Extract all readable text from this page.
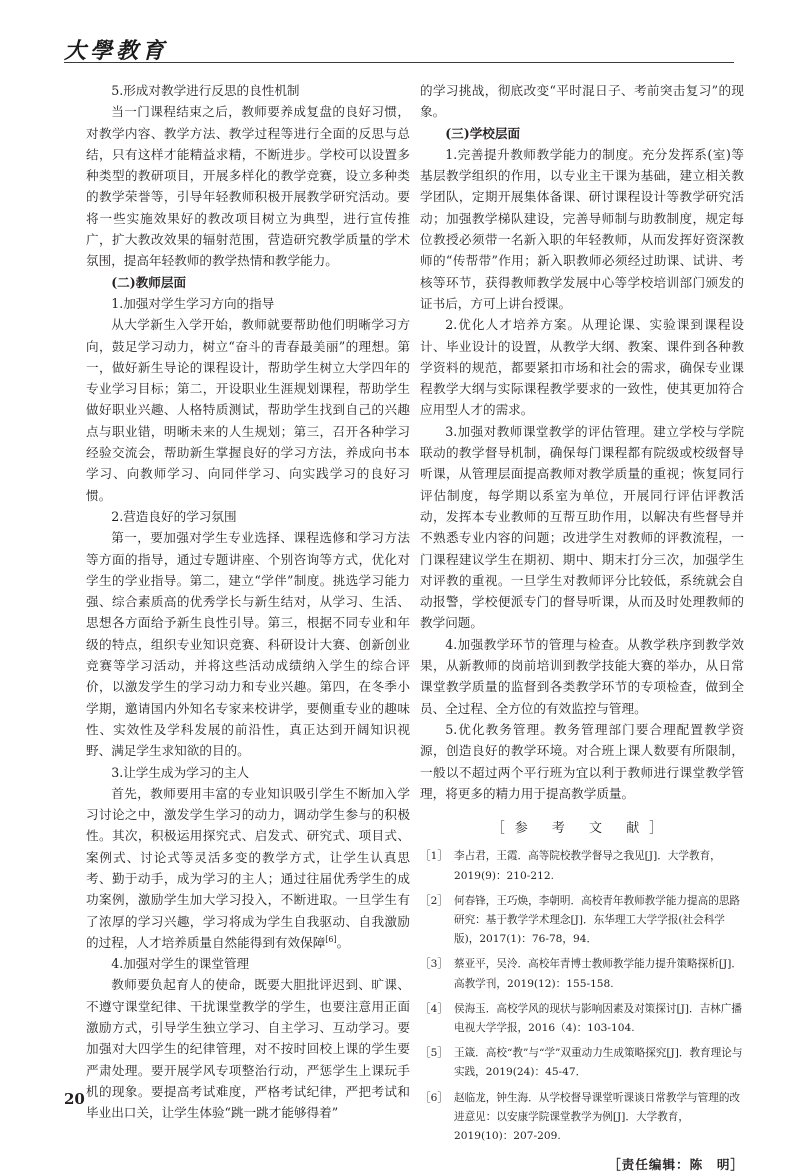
大學教育

5.形成对教学进行反思的良性机制

当一门课程结束之后，教师要养成复盘的良好习惯，对教学内容、教学方法、教学过程等进行全面的反思与总结，只有这样才能精益求精，不断进步。学校可以设置多种类型的教研项目，开展多样化的教学竞赛，设立多种类的教学荣誉等，引导年轻教师积极开展教学研究活动。要将一些实施效果好的教改项目树立为典型，进行宣传推广，扩大教改效果的辐射范围，营造研究教学质量的学术氛围，提高年轻教师的教学热情和教学能力。

(二)教师层面

1.加强对学生学习方向的指导

从大学新生入学开始，教师就要帮助他们明晰学习方向，鼓足学习动力，树立“奋斗的青春最美丽”的理想。第一，做好新生导论的课程设计，帮助学生树立大学四年的专业学习目标；第二，开设职业生涯规划课程，帮助学生做好职业兴趣、人格特质测试，帮助学生找到自己的兴趣点与职业错，明晰未来的人生规划；第三，召开各种学习经验交流会，帮助新生掌握良好的学习方法，养成向书本学习、向教师学习、向同伴学习、向实践学习的良好习惯。

2.营造良好的学习氛围

第一，要加强对学生专业选择、课程选修和学习方法等方面的指导，通过专题讲座、个别咨询等方式，优化对学生的学业指导。第二，建立“学伴”制度。挑选学习能力强、综合素质高的优秀学长与新生结对，从学习、生活、思想各方面给予新生良性引导。第三，根据不同专业和年级的特点，组织专业知识竞赛、科研设计大赛、创新创业竞赛等学习活动，并将这些活动成绩纳入学生的综合评价，以激发学生的学习动力和专业兴趣。第四，在冬季小学期，邀请国内外知名专家来校讲学，要侧重专业的趣味性、实效性及学科发展的前沿性，真正达到开阔知识视野、满足学生求知欲的目的。

3.让学生成为学习的主人

首先，教师要用丰富的专业知识吸引学生不断加入学习讨论之中，激发学生学习的动力，调动学生参与的积极性。其次，积极运用探究式、启发式、研究式、项目式、案例式、讨论式等灵活多变的教学方式，让学生认真思考、勤于动手，成为学习的主人；通过往届优秀学生的成功案例，激励学生加大学习投入，不断进取。一旦学生有了浓厚的学习兴趣，学习将成为学生自我驱动、自我激励的过程，人才培养质量自然能得到有效保障[6]。

4.加强对学生的课堂管理

教师要负起育人的使命，既要大胆批评迟到、旷课、不遵守课堂纪律、干扰课堂教学的学生，也要注意用正面激励方式，引导学生独立学习、自主学习、互动学习。要加强对大四学生的纪律管理，对不按时回校上课的学生要严肃处理。要开展学风专项整治行动，严惩学生上课玩手机的现象。要提高考试难度，严格考试纪律，严把考试和毕业出口关，让学生体验“跳一跳才能够得着”

的学习挑战，彻底改变“平时混日子、考前突击复习”的现象。

(三)学校层面

1.完善提升教师教学能力的制度。充分发挥系(室)等基层教学组织的作用，以专业主干课为基础，建立相关教学团队，定期开展集体备课、研讨课程设计等教学研究活动；加强教学梯队建设，完善导师制与助教制度，规定每位教授必须带一名新入职的年轻教师，从而发挥好资深教师的“传帮带”作用；新入职教师必须经过助课、试讲、考核等环节，获得教师教学发展中心等学校培训部门颁发的证书后，方可上讲台授课。

2.优化人才培养方案。从理论课、实验课到课程设计、毕业设计的设置，从教学大纲、教案、课件到各种教学资料的规范，都要紧扣市场和社会的需求，确保专业课程教学大纲与实际课程教学要求的一致性，使其更加符合应用型人才的需求。

3.加强对教师课堂教学的评估管理。建立学校与学院联动的教学督导机制，确保每门课程都有院级或校级督导听课，从管理层面提高教师对教学质量的重视；恢复同行评估制度，每学期以系室为单位，开展同行评估评教活动，发挥本专业教师的互帮互助作用，以解决有些督导并不熟悉专业内容的问题；改进学生对教师的评教流程，一门课程建议学生在期初、期中、期末打分三次，加强学生对评教的重视。一旦学生对教师评分比较低，系统就会自动报警，学校便派专门的督导听课，从而及时处理教师的教学问题。

4.加强教学环节的管理与检查。从教学秩序到教学效果，从新教师的岗前培训到教学技能大赛的举办，从日常课堂教学质量的监督到各类教学环节的专项检查，做到全员、全过程、全方位的有效监控与管理。

5.优化教务管理。教务管理部门要合理配置教学资源，创造良好的教学环境。对合班上课人数要有所限制，一般以不超过两个平行班为宜以利于教师进行课堂教学管理，将更多的精力用于提高教学质量。

［参 考 文 献］
［1］ 李占君，王霞．高等院校教学督导之我见[J]．大学教育，2019(9)：210-212.
［2］ 何春锋，王巧焕，李朝明．高校青年教师教学能力提高的思路研究：基于教学学术理念[J]．东华理工大学学报(社会科学版)，2017(1)：76-78，94．
［3］ 蔡亚平，吴泠．高校年青博士教师教学能力提升策略探析[J]．高教学刊，2019(12)：155-158.
［4］ 侯海玉．高校学风的现状与影响因素及对策探讨[J]．吉林广播电视大学学报，2016（4)：103-104.
［5］ 王箴．高校“教”与“学”双重动力生成策略探究[J]．教育理论与实践，2019(24)：45-47．
［6］ 赵临龙，钟生海．从学校督导课堂听课谈日常教学与管理的改进意见：以安康学院课堂教学为例[J]．大学教育，2019(10)：207-209.
［责任编辑：陈　明］
20
